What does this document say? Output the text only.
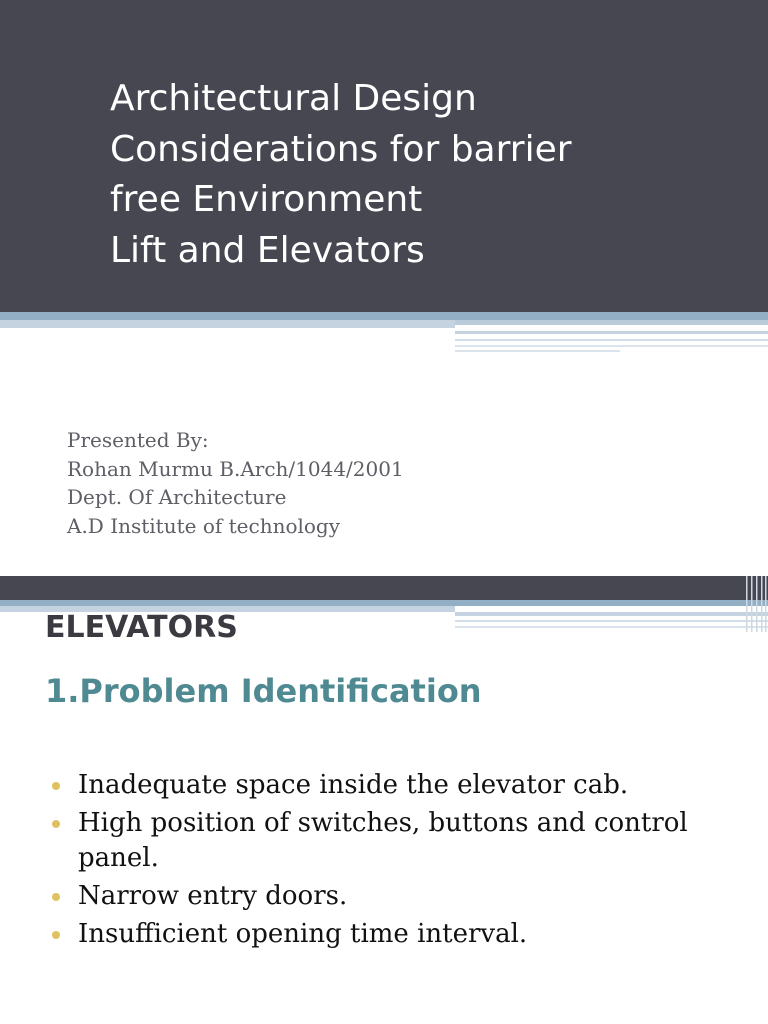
Architectural Design
Considerations for barrier
free Environment
Lift and Elevators
Presented By:
Rohan Murmu B.Arch/1044/2001
Dept. Of Architecture
A.D Institute of technology
ELEVATORS
1.Problem Identification
Inadequate space inside the elevator cab.
High position of switches, buttons and control panel.
Narrow entry doors.
Insufficient opening time interval.
